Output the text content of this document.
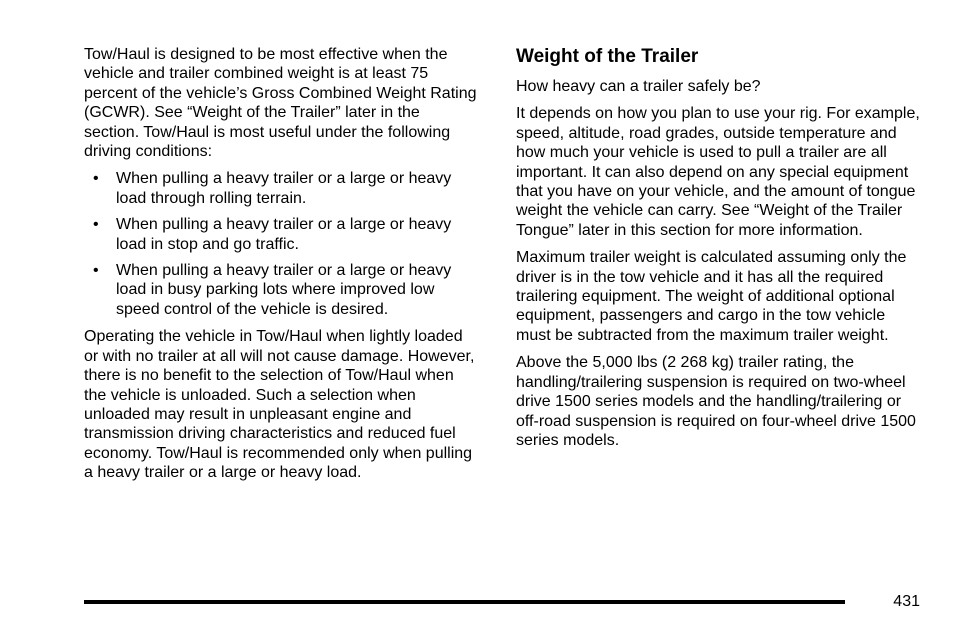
Tow/Haul is designed to be most effective when the vehicle and trailer combined weight is at least 75 percent of the vehicle’s Gross Combined Weight Rating (GCWR). See “Weight of the Trailer” later in the section. Tow/Haul is most useful under the following driving conditions:

• When pulling a heavy trailer or a large or heavy load through rolling terrain.
• When pulling a heavy trailer or a large or heavy load in stop and go traffic.
• When pulling a heavy trailer or a large or heavy load in busy parking lots where improved low speed control of the vehicle is desired.

Operating the vehicle in Tow/Haul when lightly loaded or with no trailer at all will not cause damage. However, there is no benefit to the selection of Tow/Haul when the vehicle is unloaded. Such a selection when unloaded may result in unpleasant engine and transmission driving characteristics and reduced fuel economy. Tow/Haul is recommended only when pulling a heavy trailer or a large or heavy load.

Weight of the Trailer

How heavy can a trailer safely be?

It depends on how you plan to use your rig. For example, speed, altitude, road grades, outside temperature and how much your vehicle is used to pull a trailer are all important. It can also depend on any special equipment that you have on your vehicle, and the amount of tongue weight the vehicle can carry. See “Weight of the Trailer Tongue” later in this section for more information.

Maximum trailer weight is calculated assuming only the driver is in the tow vehicle and it has all the required trailering equipment. The weight of additional optional equipment, passengers and cargo in the tow vehicle must be subtracted from the maximum trailer weight.

Above the 5,000 lbs (2 268 kg) trailer rating, the handling/trailering suspension is required on two-wheel drive 1500 series models and the handling/trailering or off-road suspension is required on four-wheel drive 1500 series models.

431
